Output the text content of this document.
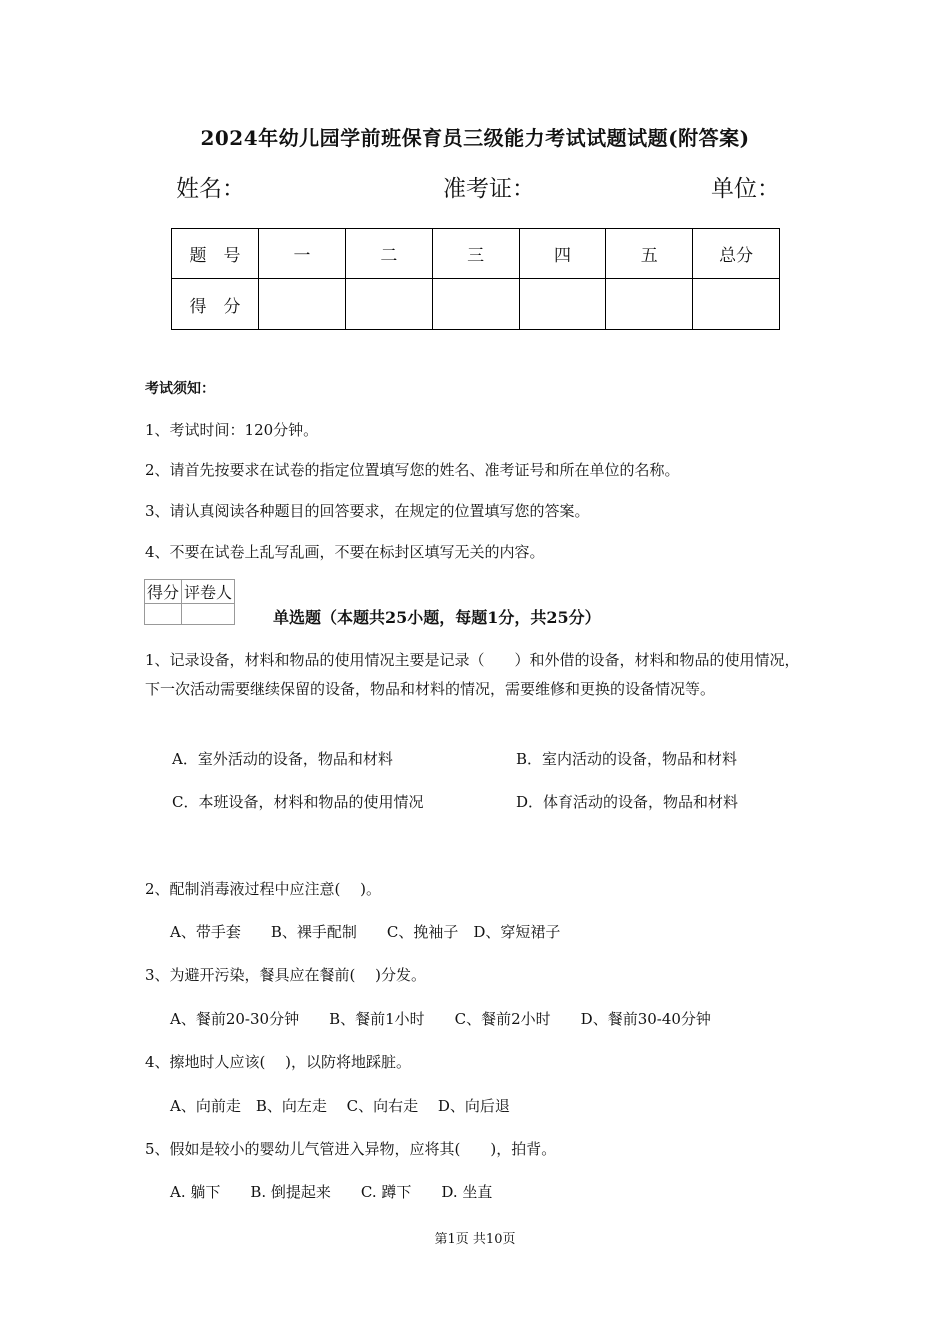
2024年幼儿园学前班保育员三级能力考试试题试题(附答案)
姓名：	准考证：	单位：
题　号	一	二	三	四	五	总分
得　分						
考试须知：
1、考试时间：120分钟。
2、请首先按要求在试卷的指定位置填写您的姓名、准考证号和所在单位的名称。
3、请认真阅读各种题目的回答要求，在规定的位置填写您的答案。
4、不要在试卷上乱写乱画，不要在标封区填写无关的内容。
得分	评卷人

单选题（本题共25小题，每题1分，共25分）
1、记录设备，材料和物品的使用情况主要是记录（　　）和外借的设备，材料和物品的使用情况，下一次活动需要继续保留的设备，物品和材料的情况，需要维修和更换的设备情况等。
A．室外活动的设备，物品和材料	B．室内活动的设备，物品和材料
C．本班设备，材料和物品的使用情况	D．体育活动的设备，物品和材料
2、配制消毒液过程中应注意(　 )。
A、带手套　　B、裸手配制　　C、挽袖子　D、穿短裙子
3、为避开污染，餐具应在餐前(　 )分发。
A、餐前20-30分钟　　B、餐前1小时　　C、餐前2小时　　D、餐前30-40分钟
4、擦地时人应该(　 )，以防将地踩脏。
A、向前走　B、向左走　 C、向右走　 D、向后退
5、假如是较小的婴幼儿气管进入异物，应将其(　　)，拍背。
A. 躺下　　B. 倒提起来　　C. 蹲下　　D. 坐直
第1页 共10页
